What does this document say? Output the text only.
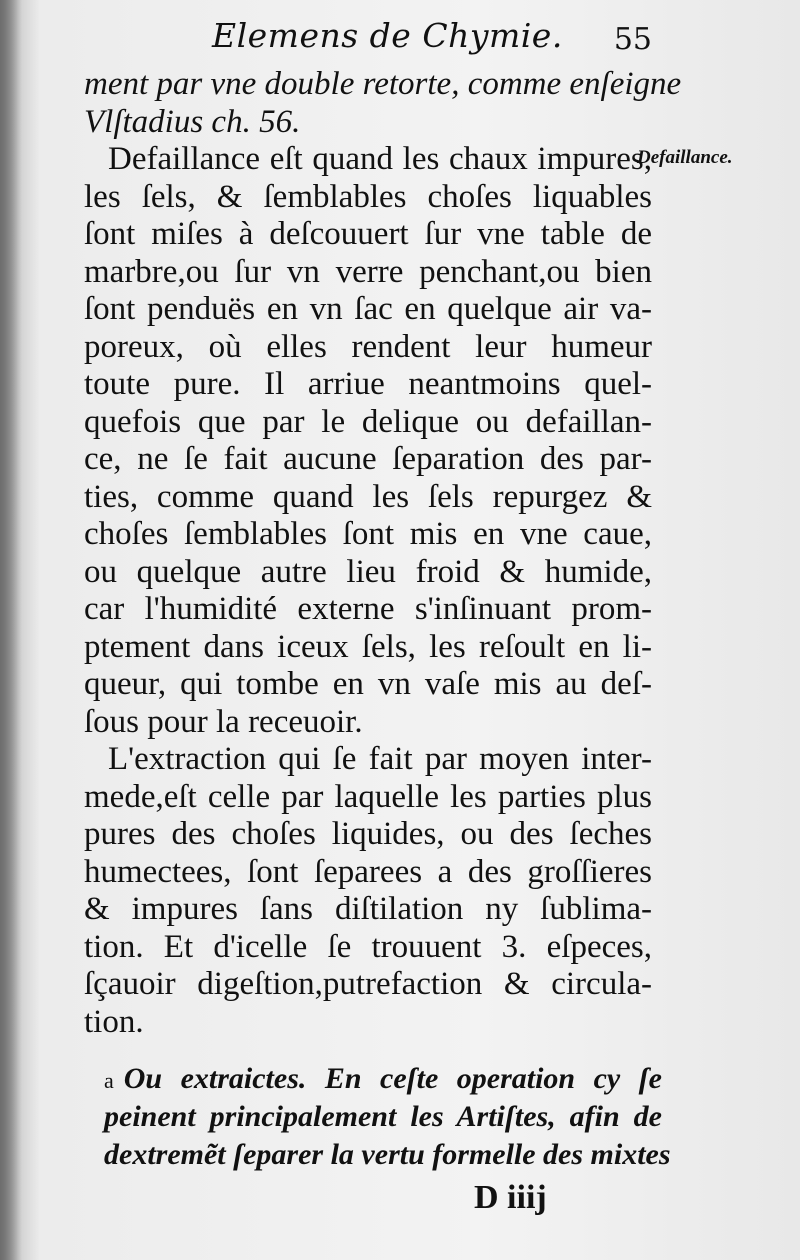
Elemens de Chymie. 55
Defaillance.
ment par vne double retorte, comme enſeigne
Vlſtadius ch. 56.
Defaillance eſt quand les chaux impures,
les ſels, & ſemblables choſes liquables
ſont miſes à deſcouuert ſur vne table de
marbre,ou ſur vn verre penchant,ou bien
ſont penduës en vn ſac en quelque air va-
poreux, où elles rendent leur humeur
toute pure. Il arriue neantmoins quel-
quefois que par le delique ou defaillan-
ce, ne ſe fait aucune ſeparation des par-
ties, comme quand les ſels repurgez &
choſes ſemblables ſont mis en vne caue,
ou quelque autre lieu froid & humide,
car l'humidité externe s'inſinuant prom-
ptement dans iceux ſels, les reſoult en li-
queur, qui tombe en vn vaſe mis au deſ-
ſous pour la receuoir.
L'extraction qui ſe fait par moyen inter-
mede,eſt celle par laquelle les parties plus
pures des choſes liquides, ou des ſeches
humectees, ſont ſeparees a des groſſieres
& impures ſans diſtilation ny ſublima-
tion. Et d'icelle ſe trouuent 3. eſpeces,
ſçauoir digeſtion,putrefaction & circula-
tion.
a Ou extraictes. En ceſte operation cy ſe
peinent principalement les Artiſtes, afin de
dextremẽt ſeparer la vertu formelle des mixtes
D iiij
